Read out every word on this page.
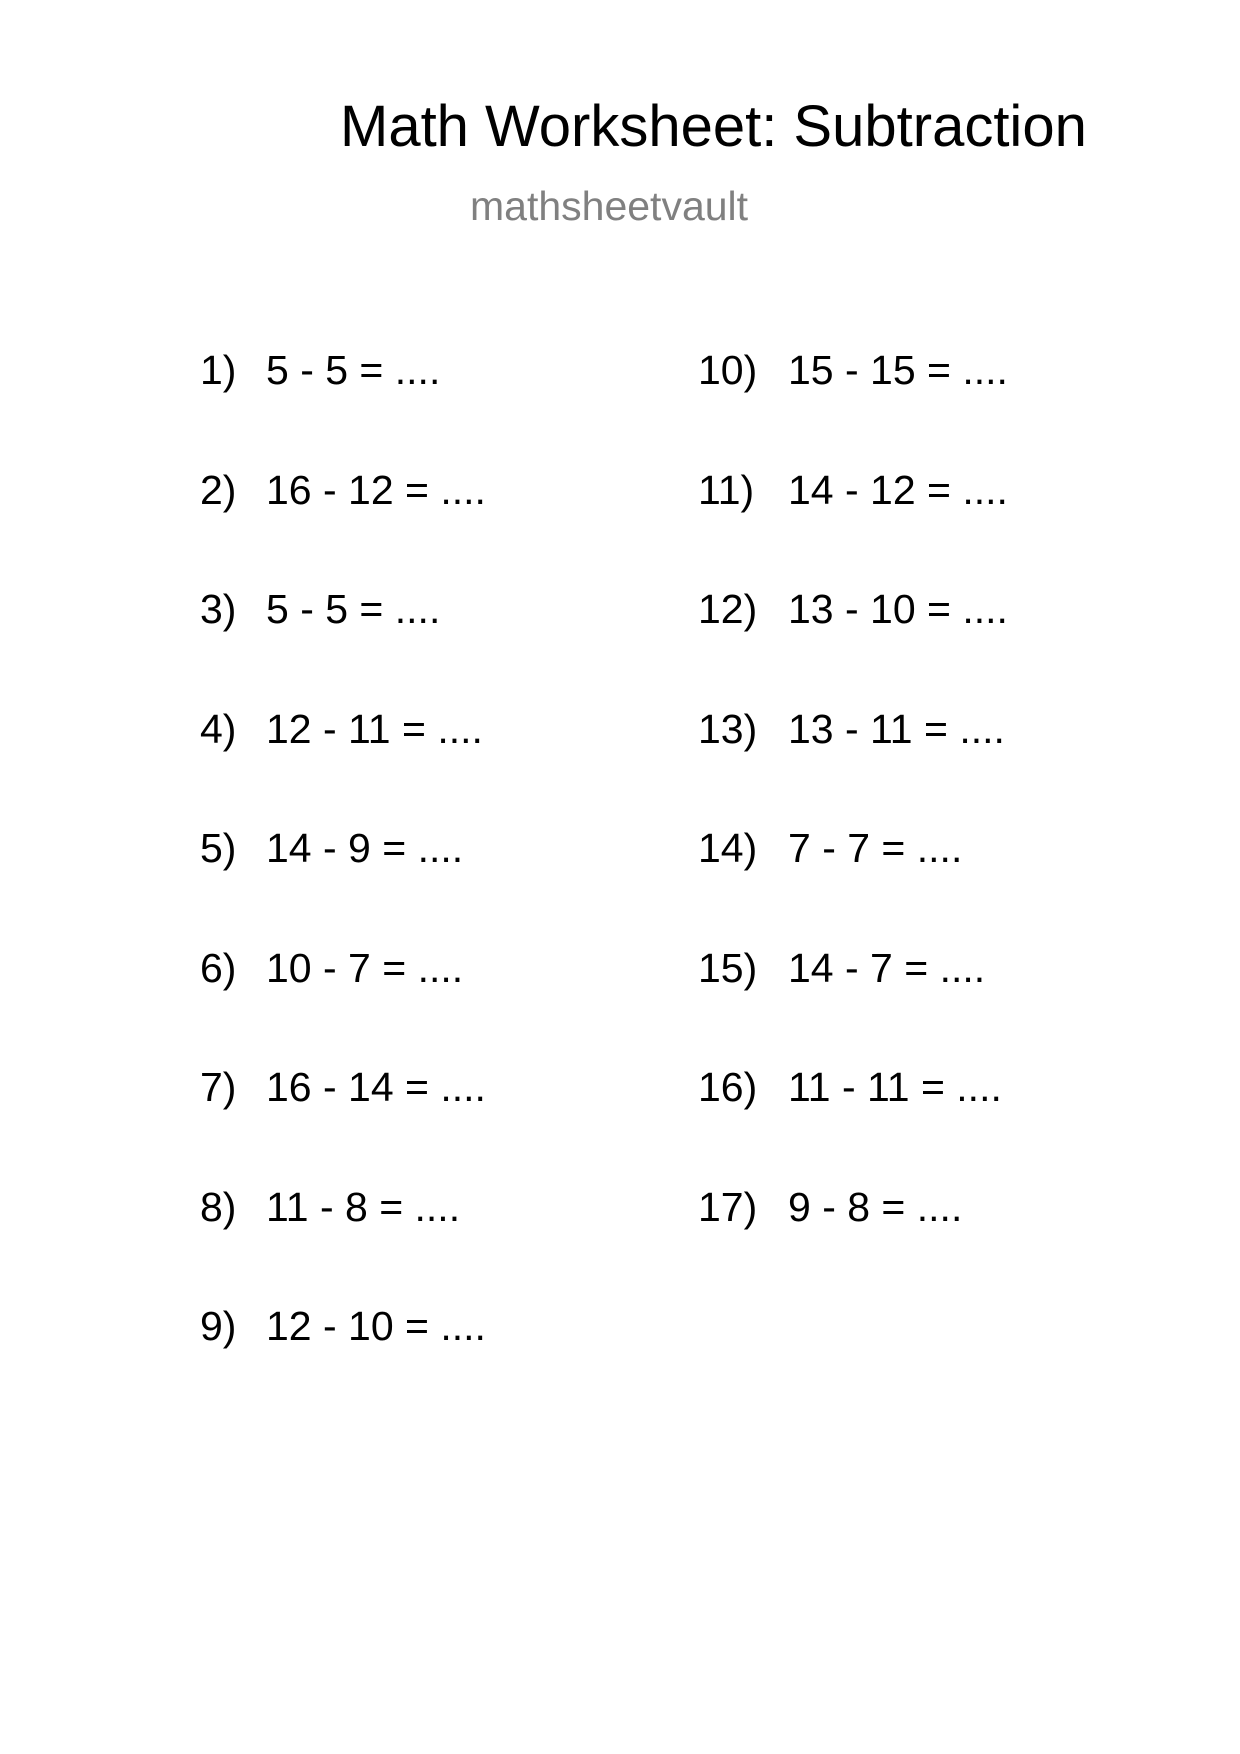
Math Worksheet: Subtraction
mathsheetvault
1) 5 - 5 = ....
2) 16 - 12 = ....
3) 5 - 5 = ....
4) 12 - 11 = ....
5) 14 - 9 = ....
6) 10 - 7 = ....
7) 16 - 14 = ....
8) 11 - 8 = ....
9) 12 - 10 = ....
10) 15 - 15 = ....
11) 14 - 12 = ....
12) 13 - 10 = ....
13) 13 - 11 = ....
14) 7 - 7 = ....
15) 14 - 7 = ....
16) 11 - 11 = ....
17) 9 - 8 = ....
